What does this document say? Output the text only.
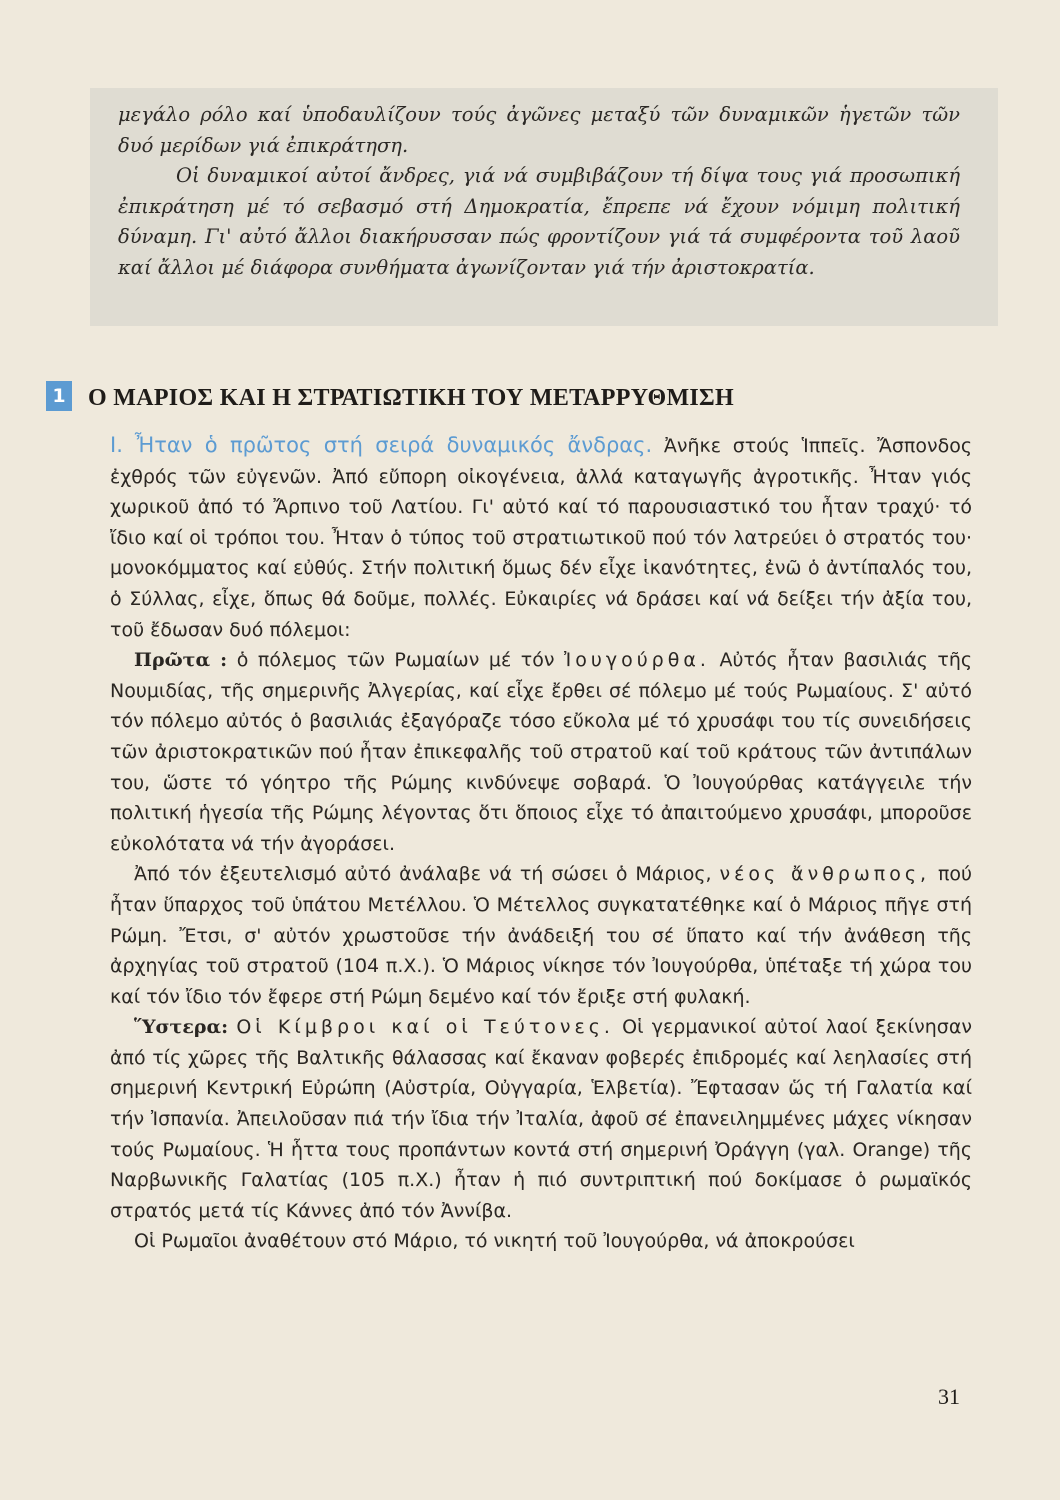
μεγάλο ρόλο καί ὑποδαυλίζουν τούς ἀγῶνες μεταξύ τῶν δυναμικῶν ἡγετῶν τῶν δυό μερίδων γιά ἐπικράτηση.

Οἱ δυναμικοί αὐτοί ἄνδρες, γιά νά συμβιβάζουν τή δίψα τους γιά προσωπική ἐπικράτηση μέ τό σεβασμό στή Δημοκρατία, ἔπρεπε νά ἔχουν νόμιμη πολιτική δύναμη. Γι' αὐτό ἄλλοι διακήρυσσαν πώς φροντίζουν γιά τά συμφέροντα τοῦ λαοῦ καί ἄλλοι μέ διάφορα συνθήματα ἀγωνίζονταν γιά τήν ἀριστοκρατία.

1 Ο ΜΑΡΙΟΣ ΚΑΙ Η ΣΤΡΑΤΙΩΤΙΚΗ ΤΟΥ ΜΕΤΑΡΡΥΘΜΙΣΗ

I. Ἦταν ὁ πρῶτος στή σειρά δυναμικός ἄνδρας. Ἀνῆκε στούς Ἱππεῖς. Ἄσπονδος ἐχθρός τῶν εὐγενῶν. Ἀπό εὔπορη οἰκογένεια, ἀλλά καταγωγῆς ἀγροτικῆς. Ἦταν γιός χωρικοῦ ἀπό τό Ἄρπινο τοῦ Λατίου. Γι' αὐτό καί τό παρουσιαστικό του ἦταν τραχύ· τό ἴδιο καί οἱ τρόποι του. Ἦταν ὁ τύπος τοῦ στρατιωτικοῦ πού τόν λατρεύει ὁ στρατός του· μονοκόμματος καί εὐθύς. Στήν πολιτική ὅμως δέν εἶχε ἱκανότητες, ἐνῶ ὁ ἀντίπαλός του, ὁ Σύλλας, εἶχε, ὅπως θά δοῦμε, πολλές. Εὐκαιρίες νά δράσει καί νά δείξει τήν ἀξία του, τοῦ ἔδωσαν δυό πόλεμοι:

Πρῶτα : ὁ πόλεμος τῶν Ρωμαίων μέ τόν Ἰουγούρθα. Αὐτός ἦταν βασιλιάς τῆς Νουμιδίας, τῆς σημερινῆς Ἀλγερίας, καί εἶχε ἔρθει σέ πόλεμο μέ τούς Ρωμαίους. Σ' αὐτό τόν πόλεμο αὐτός ὁ βασιλιάς ἐξαγόραζε τόσο εὔκολα μέ τό χρυσάφι του τίς συνειδήσεις τῶν ἀριστοκρατικῶν πού ἦταν ἐπικεφαλῆς τοῦ στρατοῦ καί τοῦ κράτους τῶν ἀντιπάλων του, ὥστε τό γόητρο τῆς Ρώμης κινδύνεψε σοβαρά. Ὁ Ἰουγούρθας κατάγγειλε τήν πολιτική ἡγεσία τῆς Ρώμης λέγοντας ὅτι ὅποιος εἶχε τό ἀπαιτούμενο χρυσάφι, μποροῦσε εὐκολότατα νά τήν ἀγοράσει.

Ἀπό τόν ἐξευτελισμό αὐτό ἀνάλαβε νά τή σώσει ὁ Μάριος, νέος ἄνθρωπος, πού ἦταν ὕπαρχος τοῦ ὑπάτου Μετέλλου. Ὁ Μέτελλος συγκατατέθηκε καί ὁ Μάριος πῆγε στή Ρώμη. Ἔτσι, σ' αὐτόν χρωστοῦσε τήν ἀνάδειξή του σέ ὕπατο καί τήν ἀνάθεση τῆς ἀρχηγίας τοῦ στρατοῦ (104 π.Χ.). Ὁ Μάριος νίκησε τόν Ἰουγούρθα, ὑπέταξε τή χώρα του καί τόν ἴδιο τόν ἔφερε στή Ρώμη δεμένο καί τόν ἔριξε στή φυλακή.

Ὕστερα: Οἱ Κίμβροι καί οἱ Τεύτονες. Οἱ γερμανικοί αὐτοί λαοί ξεκίνησαν ἀπό τίς χῶρες τῆς Βαλτικῆς θάλασσας καί ἔκαναν φοβερές ἐπιδρομές καί λεηλασίες στή σημερινή Κεντρική Εὐρώπη (Αὐστρία, Οὐγγαρία, Ἑλβετία). Ἔφτασαν ὥς τή Γαλατία καί τήν Ἰσπανία. Ἀπειλοῦσαν πιά τήν ἴδια τήν Ἰταλία, ἀφοῦ σέ ἐπανειλημμένες μάχες νίκησαν τούς Ρωμαίους. Ἡ ἧττα τους προπάντων κοντά στή σημερινή Ὀράγγη (γαλ. Orange) τῆς Ναρβωνικῆς Γαλατίας (105 π.Χ.) ἦταν ἡ πιό συντριπτική πού δοκίμασε ὁ ρωμαϊκός στρατός μετά τίς Κάννες ἀπό τόν Ἀννίβα.

Οἱ Ρωμαῖοι ἀναθέτουν στό Μάριο, τό νικητή τοῦ Ἰουγούρθα, νά ἀποκρούσει

31
